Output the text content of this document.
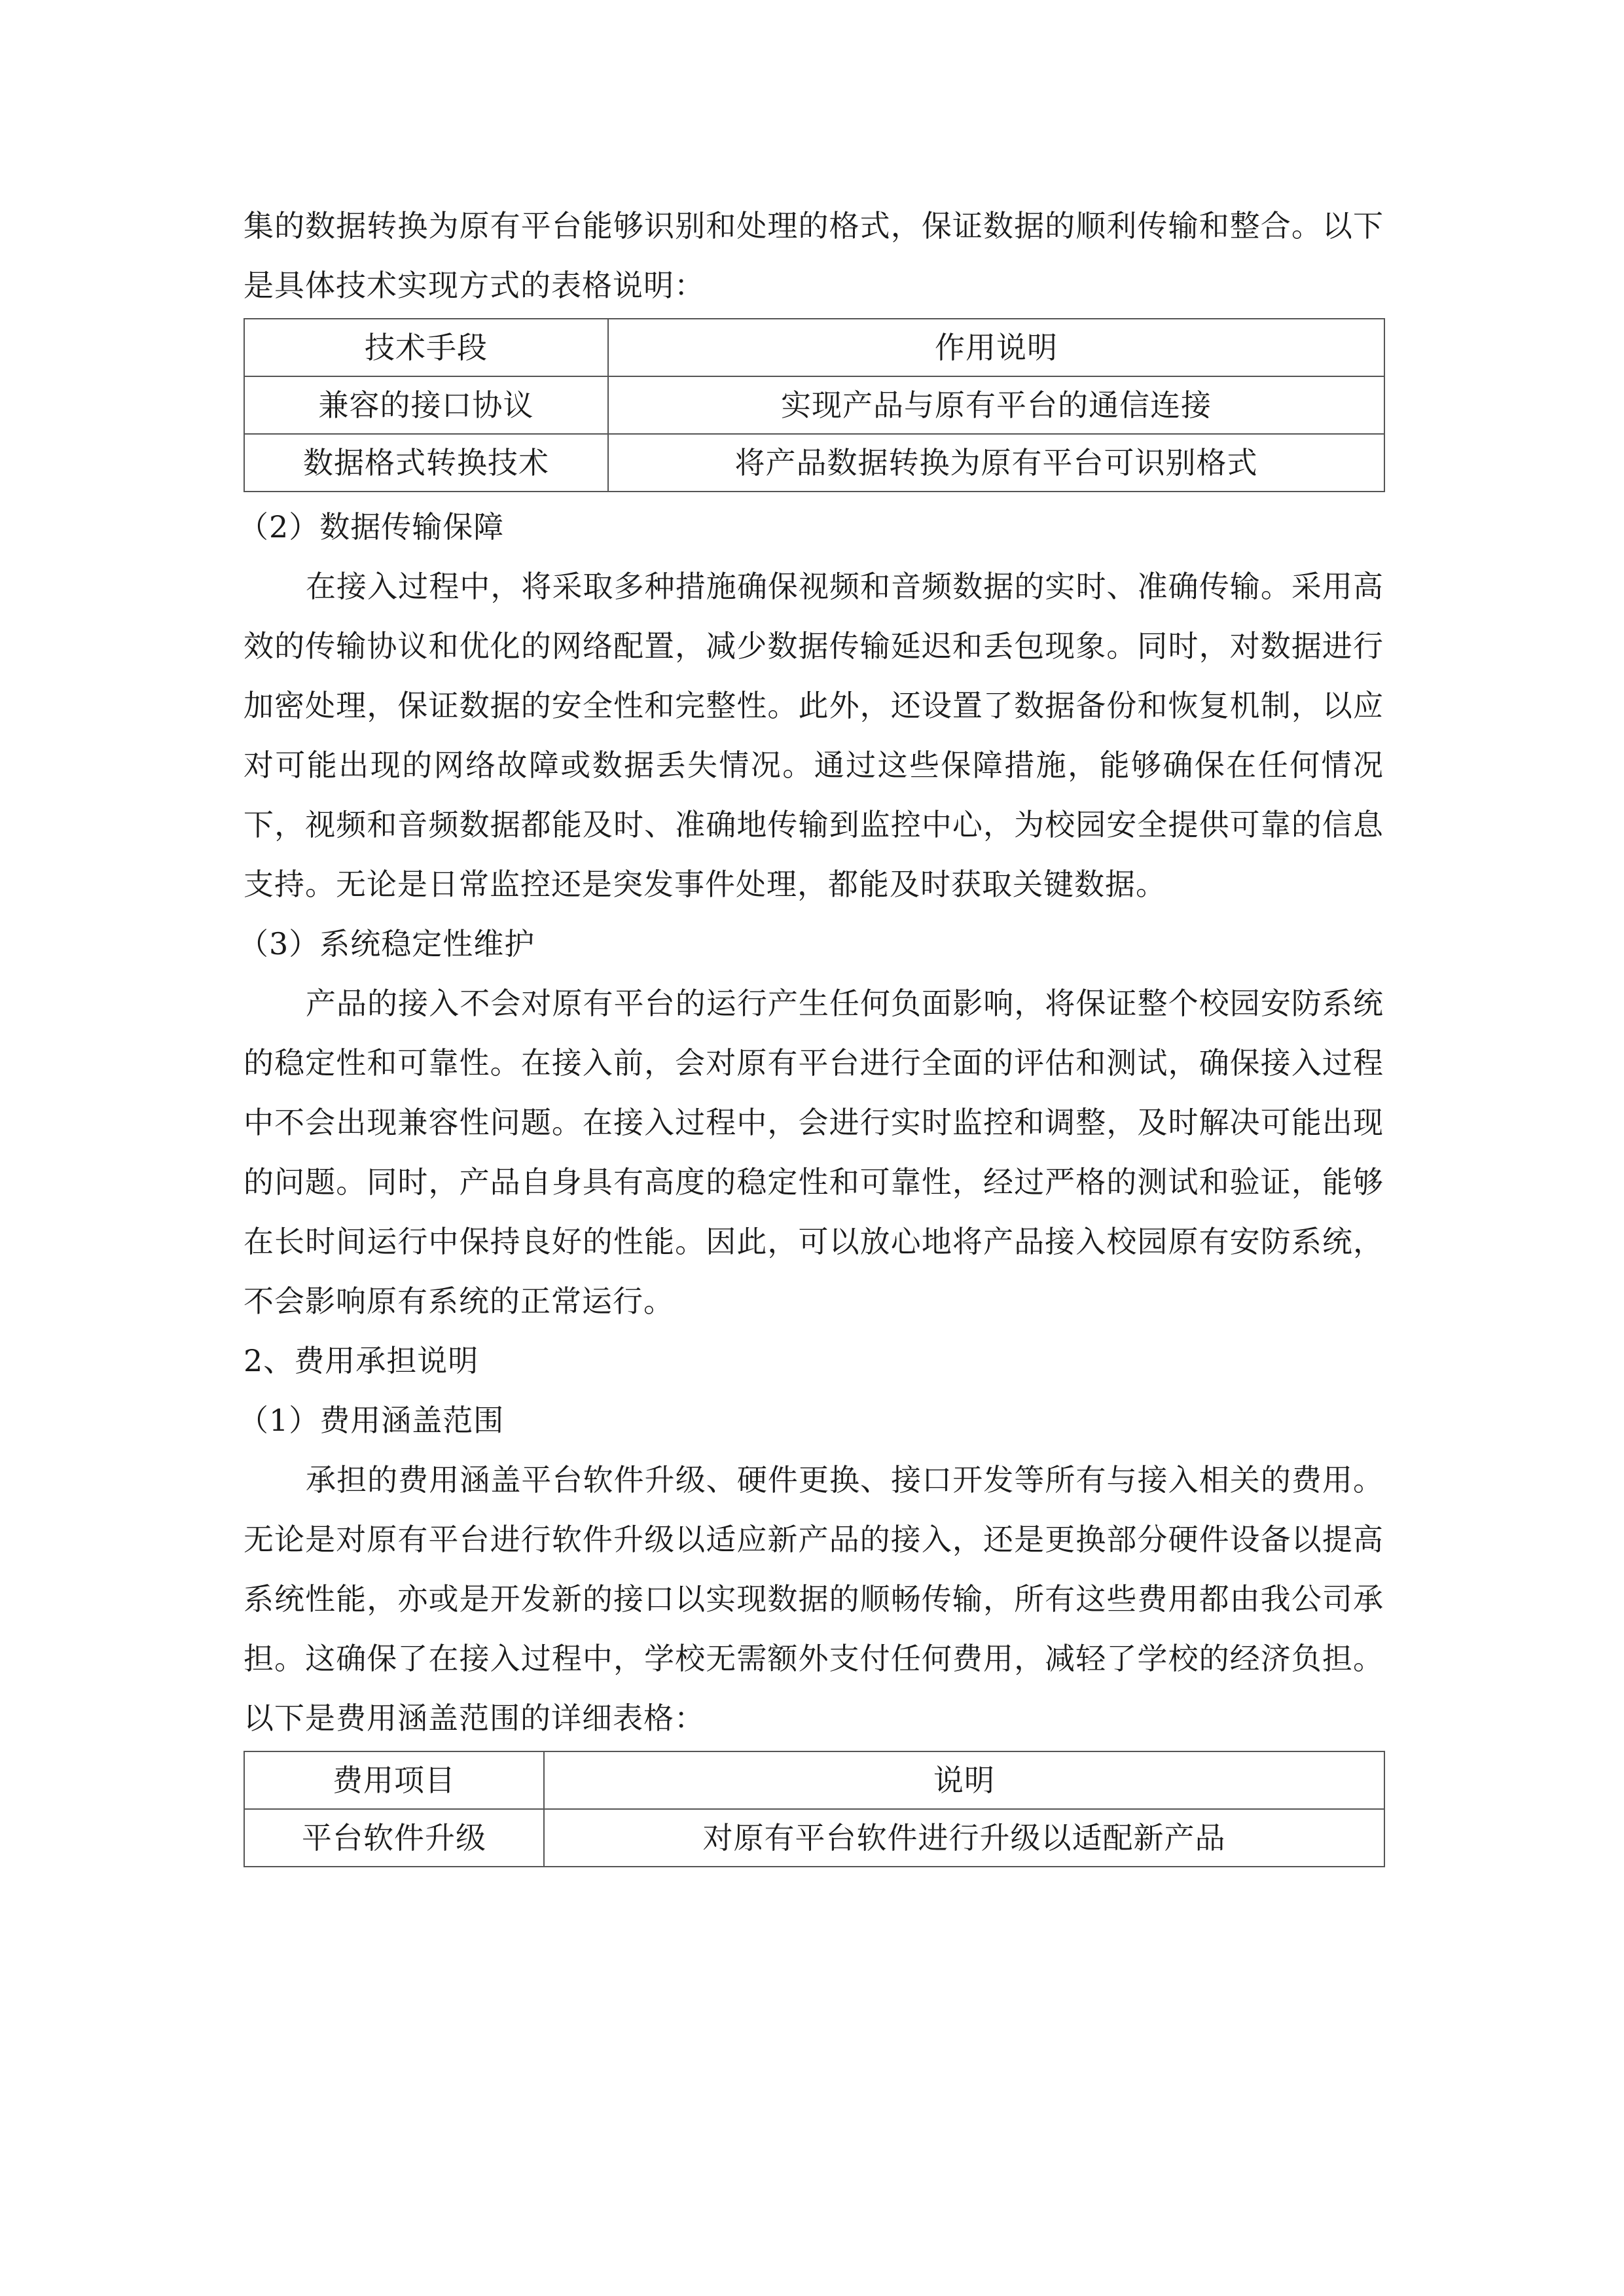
集的数据转换为原有平台能够识别和处理的格式，保证数据的顺利传输和整合。以下是具体技术实现方式的表格说明：

技术手段	作用说明
兼容的接口协议	实现产品与原有平台的通信连接
数据格式转换技术	将产品数据转换为原有平台可识别格式

（2）数据传输保障

在接入过程中，将采取多种措施确保视频和音频数据的实时、准确传输。采用高效的传输协议和优化的网络配置，减少数据传输延迟和丢包现象。同时，对数据进行加密处理，保证数据的安全性和完整性。此外，还设置了数据备份和恢复机制，以应对可能出现的网络故障或数据丢失情况。通过这些保障措施，能够确保在任何情况下，视频和音频数据都能及时、准确地传输到监控中心，为校园安全提供可靠的信息支持。无论是日常监控还是突发事件处理，都能及时获取关键数据。

（3）系统稳定性维护

产品的接入不会对原有平台的运行产生任何负面影响，将保证整个校园安防系统的稳定性和可靠性。在接入前，会对原有平台进行全面的评估和测试，确保接入过程中不会出现兼容性问题。在接入过程中，会进行实时监控和调整，及时解决可能出现的问题。同时，产品自身具有高度的稳定性和可靠性，经过严格的测试和验证，能够在长时间运行中保持良好的性能。因此，可以放心地将产品接入校园原有安防系统，不会影响原有系统的正常运行。

2、费用承担说明

（1）费用涵盖范围

承担的费用涵盖平台软件升级、硬件更换、接口开发等所有与接入相关的费用。无论是对原有平台进行软件升级以适应新产品的接入，还是更换部分硬件设备以提高系统性能，亦或是开发新的接口以实现数据的顺畅传输，所有这些费用都由我公司承担。这确保了在接入过程中，学校无需额外支付任何费用，减轻了学校的经济负担。以下是费用涵盖范围的详细表格：

费用项目	说明
平台软件升级	对原有平台软件进行升级以适配新产品
